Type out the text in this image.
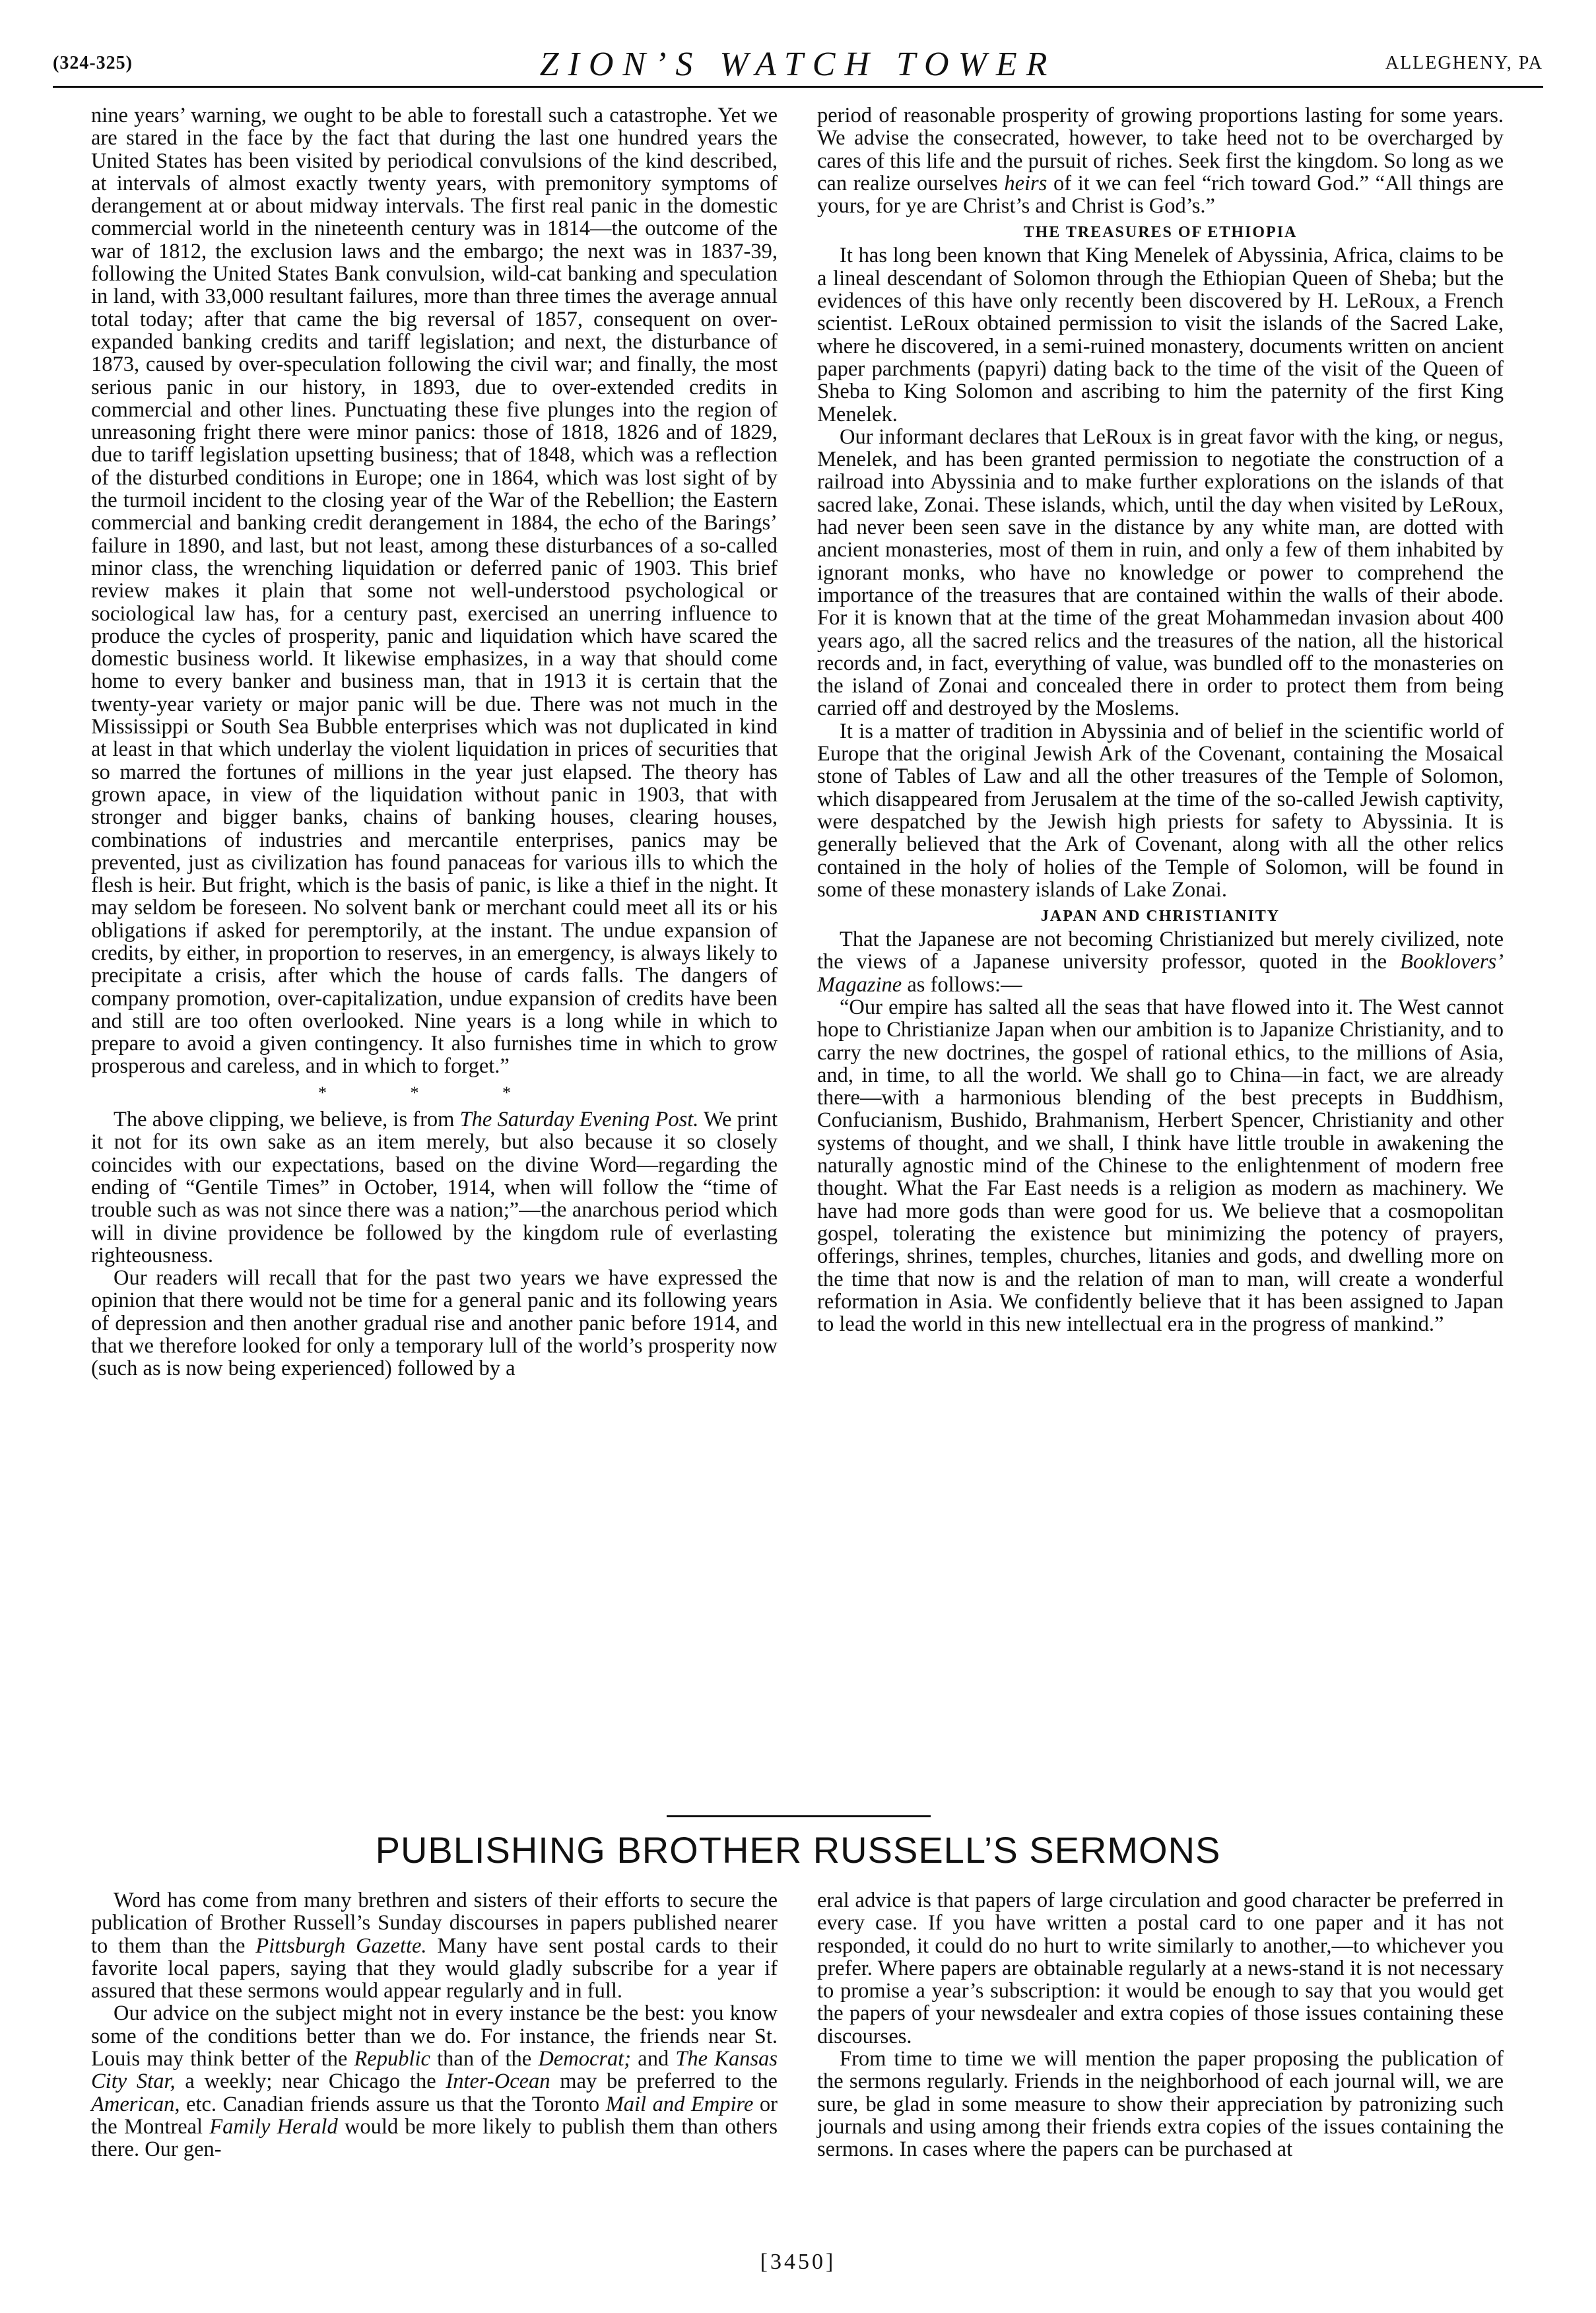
(324-325)	ZION’S WATCH TOWER	ALLEGHENY, PA

nine years’ warning, we ought to be able to forestall such a catastrophe. Yet we are stared in the face by the fact that during the last one hundred years the United States has been visited by periodical convulsions of the kind described, at intervals of almost exactly twenty years, with premonitory symptoms of derangement at or about midway intervals. The first real panic in the domestic commercial world in the nineteenth century was in 1814—the outcome of the war of 1812, the exclusion laws and the embargo; the next was in 1837-39, following the United States Bank convulsion, wild-cat banking and speculation in land, with 33,000 resultant failures, more than three times the average annual total today; after that came the big reversal of 1857, consequent on over-expanded banking credits and tariff legislation; and next, the disturbance of 1873, caused by over-speculation following the civil war; and finally, the most serious panic in our history, in 1893, due to over-extended credits in commercial and other lines. Punctuating these five plunges into the region of unreasoning fright there were minor panics: those of 1818, 1826 and of 1829, due to tariff legislation upsetting business; that of 1848, which was a reflection of the disturbed conditions in Europe; one in 1864, which was lost sight of by the turmoil incident to the closing year of the War of the Rebellion; the Eastern commercial and banking credit derangement in 1884, the echo of the Barings’ failure in 1890, and last, but not least, among these disturbances of a so-called minor class, the wrenching liquidation or deferred panic of 1903. This brief review makes it plain that some not well-understood psychological or sociological law has, for a century past, exercised an unerring influence to produce the cycles of prosperity, panic and liquidation which have scared the domestic business world. It likewise emphasizes, in a way that should come home to every banker and business man, that in 1913 it is certain that the twenty-year variety or major panic will be due. There was not much in the Mississippi or South Sea Bubble enterprises which was not duplicated in kind at least in that which underlay the violent liquidation in prices of securities that so marred the fortunes of millions in the year just elapsed. The theory has grown apace, in view of the liquidation without panic in 1903, that with stronger and bigger banks, chains of banking houses, clearing houses, combinations of industries and mercantile enterprises, panics may be prevented, just as civilization has found panaceas for various ills to which the flesh is heir. But fright, which is the basis of panic, is like a thief in the night. It may seldom be foreseen. No solvent bank or merchant could meet all its or his obligations if asked for peremptorily, at the instant. The undue expansion of credits, by either, in proportion to reserves, in an emergency, is always likely to precipitate a crisis, after which the house of cards falls. The dangers of company promotion, over-capitalization, undue expansion of credits have been and still are too often overlooked. Nine years is a long while in which to prepare to avoid a given contingency. It also furnishes time in which to grow prosperous and careless, and in which to forget.”

* * *

The above clipping, we believe, is from The Saturday Evening Post. We print it not for its own sake as an item merely, but also because it so closely coincides with our expectations, based on the divine Word—regarding the ending of “Gentile Times” in October, 1914, when will follow the “time of trouble such as was not since there was a nation;”—the anarchous period which will in divine providence be followed by the kingdom rule of everlasting righteousness.

Our readers will recall that for the past two years we have expressed the opinion that there would not be time for a general panic and its following years of depression and then another gradual rise and another panic before 1914, and that we therefore looked for only a temporary lull of the world’s prosperity now (such as is now being experienced) followed by a

period of reasonable prosperity of growing proportions lasting for some years. We advise the consecrated, however, to take heed not to be overcharged by cares of this life and the pursuit of riches. Seek first the kingdom. So long as we can realize ourselves heirs of it we can feel “rich toward God.” “All things are yours, for ye are Christ’s and Christ is God’s.”

THE TREASURES OF ETHIOPIA

It has long been known that King Menelek of Abyssinia, Africa, claims to be a lineal descendant of Solomon through the Ethiopian Queen of Sheba; but the evidences of this have only recently been discovered by H. LeRoux, a French scientist. LeRoux obtained permission to visit the islands of the Sacred Lake, where he discovered, in a semi-ruined monastery, documents written on ancient paper parchments (papyri) dating back to the time of the visit of the Queen of Sheba to King Solomon and ascribing to him the paternity of the first King Menelek.

Our informant declares that LeRoux is in great favor with the king, or negus, Menelek, and has been granted permission to negotiate the construction of a railroad into Abyssinia and to make further explorations on the islands of that sacred lake, Zonai. These islands, which, until the day when visited by LeRoux, had never been seen save in the distance by any white man, are dotted with ancient monasteries, most of them in ruin, and only a few of them inhabited by ignorant monks, who have no knowledge or power to comprehend the importance of the treasures that are contained within the walls of their abode. For it is known that at the time of the great Mohammedan invasion about 400 years ago, all the sacred relics and the treasures of the nation, all the historical records and, in fact, everything of value, was bundled off to the monasteries on the island of Zonai and concealed there in order to protect them from being carried off and destroyed by the Moslems.

It is a matter of tradition in Abyssinia and of belief in the scientific world of Europe that the original Jewish Ark of the Covenant, containing the Mosaical stone of Tables of Law and all the other treasures of the Temple of Solomon, which disappeared from Jerusalem at the time of the so-called Jewish captivity, were despatched by the Jewish high priests for safety to Abyssinia. It is generally believed that the Ark of Covenant, along with all the other relics contained in the holy of holies of the Temple of Solomon, will be found in some of these monastery islands of Lake Zonai.

JAPAN AND CHRISTIANITY

That the Japanese are not becoming Christianized but merely civilized, note the views of a Japanese university professor, quoted in the Booklovers’ Magazine as follows:—

“Our empire has salted all the seas that have flowed into it. The West cannot hope to Christianize Japan when our ambition is to Japanize Christianity, and to carry the new doctrines, the gospel of rational ethics, to the millions of Asia, and, in time, to all the world. We shall go to China—in fact, we are already there—with a harmonious blending of the best precepts in Buddhism, Confucianism, Bushido, Brahmanism, Herbert Spencer, Christianity and other systems of thought, and we shall, I think have little trouble in awakening the naturally agnostic mind of the Chinese to the enlightenment of modern free thought. What the Far East needs is a religion as modern as machinery. We have had more gods than were good for us. We believe that a cosmopolitan gospel, tolerating the existence but minimizing the potency of prayers, offerings, shrines, temples, churches, litanies and gods, and dwelling more on the time that now is and the relation of man to man, will create a wonderful reformation in Asia. We confidently believe that it has been assigned to Japan to lead the world in this new intellectual era in the progress of mankind.”

PUBLISHING BROTHER RUSSELL’S SERMONS

Word has come from many brethren and sisters of their efforts to secure the publication of Brother Russell’s Sunday discourses in papers published nearer to them than the Pittsburgh Gazette. Many have sent postal cards to their favorite local papers, saying that they would gladly subscribe for a year if assured that these sermons would appear regularly and in full.

Our advice on the subject might not in every instance be the best: you know some of the conditions better than we do. For instance, the friends near St. Louis may think better of the Republic than of the Democrat; and The Kansas City Star, a weekly; near Chicago the Inter-Ocean may be preferred to the American, etc. Canadian friends assure us that the Toronto Mail and Empire or the Montreal Family Herald would be more likely to publish them than others there. Our gen-

eral advice is that papers of large circulation and good character be preferred in every case. If you have written a postal card to one paper and it has not responded, it could do no hurt to write similarly to another,—to whichever you prefer. Where papers are obtainable regularly at a news-stand it is not necessary to promise a year’s subscription: it would be enough to say that you would get the papers of your newsdealer and extra copies of those issues containing these discourses.

From time to time we will mention the paper proposing the publication of the sermons regularly. Friends in the neighborhood of each journal will, we are sure, be glad in some measure to show their appreciation by patronizing such journals and using among their friends extra copies of the issues containing the sermons. In cases where the papers can be purchased at

[3450]
